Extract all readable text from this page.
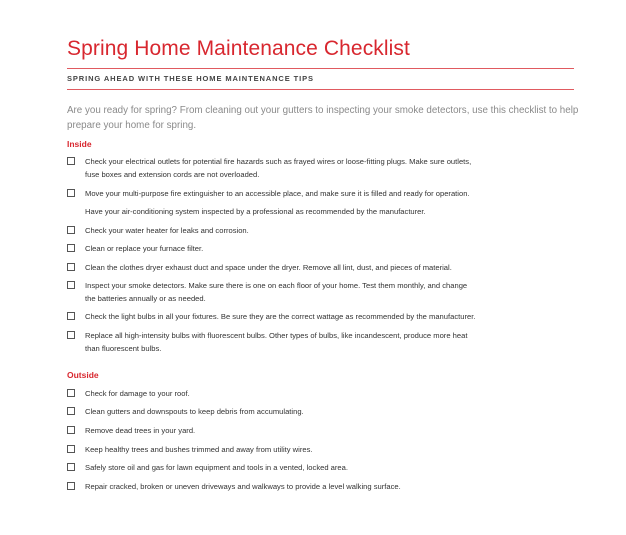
Spring Home Maintenance Checklist
SPRING AHEAD WITH THESE HOME MAINTENANCE TIPS
Are you ready for spring? From cleaning out your gutters to inspecting your smoke detectors, use this checklist to help prepare your home for spring.
Inside
Check your electrical outlets for potential fire hazards such as frayed wires or loose-fitting plugs. Make sure outlets,
fuse boxes and extension cords are not overloaded.
Move your multi-purpose fire extinguisher to an accessible place, and make sure it is filled and ready for operation.
Have your air-conditioning system inspected by a professional as recommended by the manufacturer.
Check your water heater for leaks and corrosion.
Clean or replace your furnace filter.
Clean the clothes dryer exhaust duct and space under the dryer. Remove all lint, dust, and pieces of material.
Inspect your smoke detectors. Make sure there is one on each floor of your home. Test them monthly, and change
the batteries annually or as needed.
Check the light bulbs in all your fixtures. Be sure they are the correct wattage as recommended by the manufacturer.
Replace all high-intensity bulbs with fluorescent bulbs. Other types of bulbs, like incandescent, produce more heat
than fluorescent bulbs.
Outside
Check for damage to your roof.
Clean gutters and downspouts to keep debris from accumulating.
Remove dead trees in your yard.
Keep healthy trees and bushes trimmed and away from utility wires.
Safely store oil and gas for lawn equipment and tools in a vented, locked area.
Repair cracked, broken or uneven driveways and walkways to provide a level walking surface.
